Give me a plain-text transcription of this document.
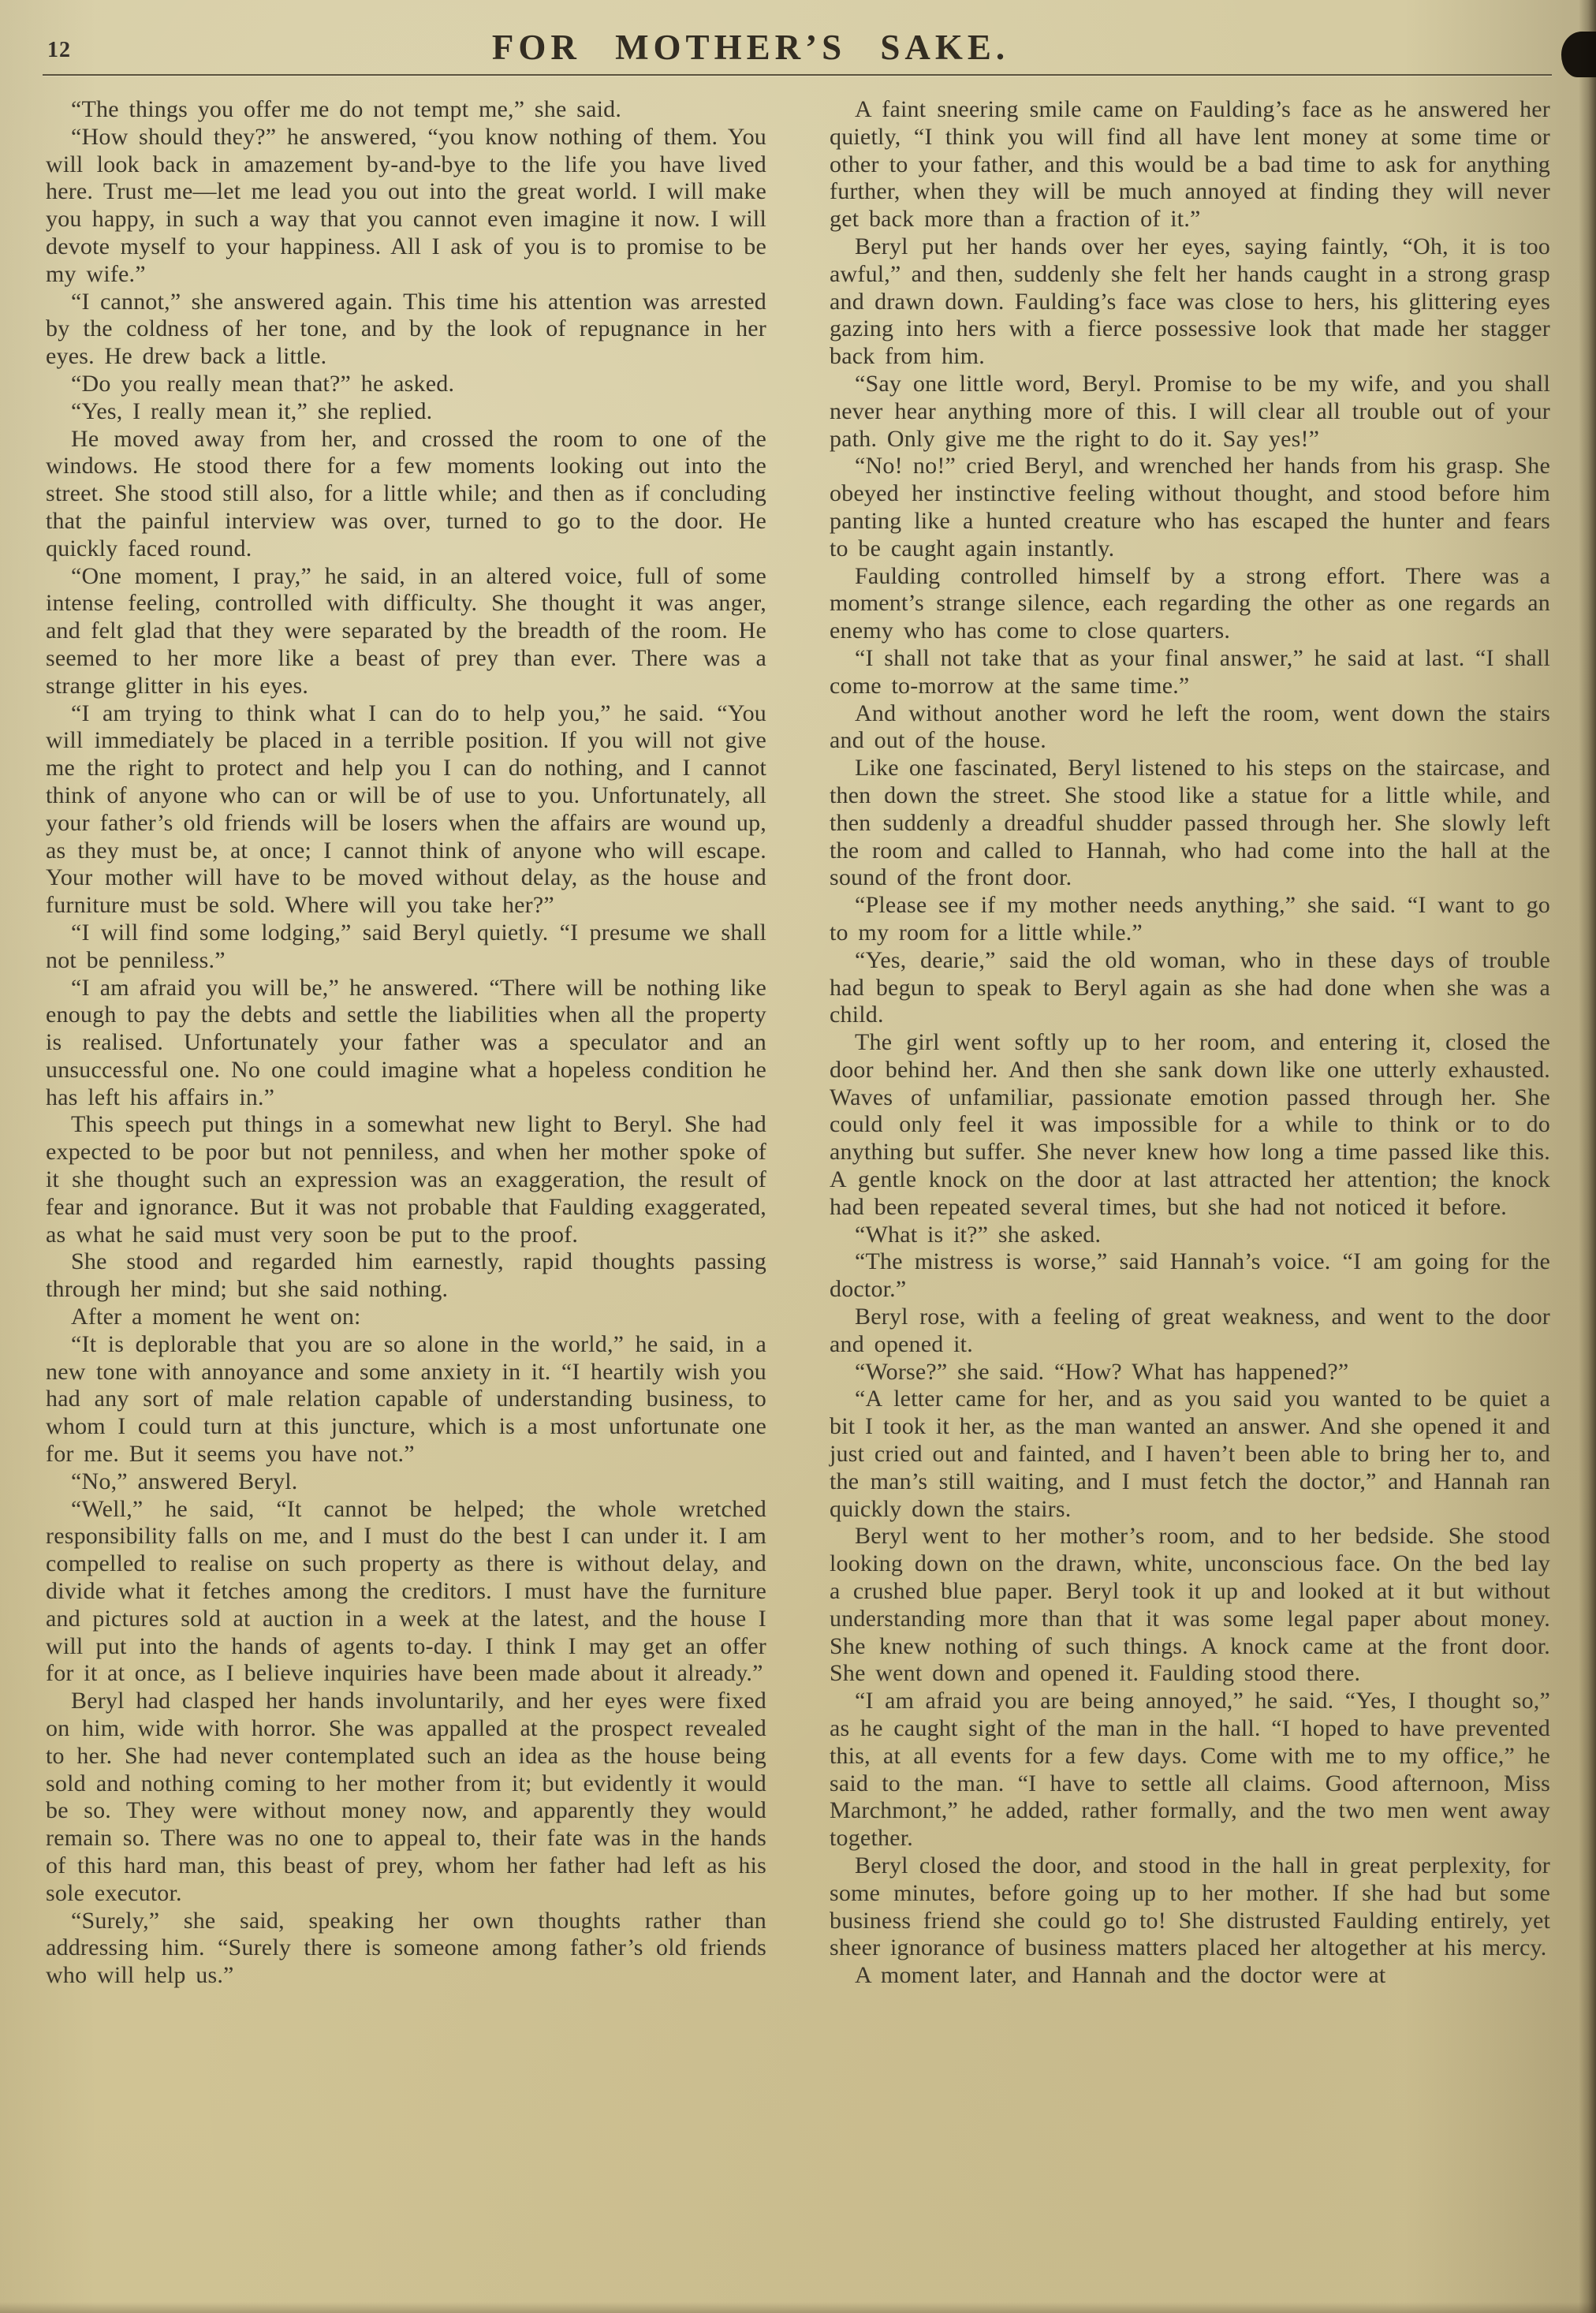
12	FOR MOTHER’S SAKE.

“The things you offer me do not tempt me,” she said.

“How should they?” he answered, “you know nothing of them. You will look back in amazement by-and-bye to the life you have lived here. Trust me—let me lead you out into the great world. I will make you happy, in such a way that you cannot even imagine it now. I will devote myself to your happiness. All I ask of you is to promise to be my wife.”

“I cannot,” she answered again. This time his attention was arrested by the coldness of her tone, and by the look of repugnance in her eyes. He drew back a little.

“Do you really mean that?” he asked.

“Yes, I really mean it,” she replied.

He moved away from her, and crossed the room to one of the windows. He stood there for a few moments looking out into the street. She stood still also, for a little while; and then as if concluding that the painful interview was over, turned to go to the door. He quickly faced round.

“One moment, I pray,” he said, in an altered voice, full of some intense feeling, controlled with difficulty. She thought it was anger, and felt glad that they were separated by the breadth of the room. He seemed to her more like a beast of prey than ever. There was a strange glitter in his eyes.

“I am trying to think what I can do to help you,” he said. “You will immediately be placed in a terrible position. If you will not give me the right to protect and help you I can do nothing, and I cannot think of anyone who can or will be of use to you. Unfortunately, all your father’s old friends will be losers when the affairs are wound up, as they must be, at once; I cannot think of anyone who will escape. Your mother will have to be moved without delay, as the house and furniture must be sold. Where will you take her?”

“I will find some lodging,” said Beryl quietly. “I presume we shall not be penniless.”

“I am afraid you will be,” he answered. “There will be nothing like enough to pay the debts and settle the liabilities when all the property is realised. Unfortunately your father was a speculator and an unsuccessful one. No one could imagine what a hopeless condition he has left his affairs in.”

This speech put things in a somewhat new light to Beryl. She had expected to be poor but not penniless, and when her mother spoke of it she thought such an expression was an exaggeration, the result of fear and ignorance. But it was not probable that Faulding exaggerated, as what he said must very soon be put to the proof.

She stood and regarded him earnestly, rapid thoughts passing through her mind; but she said nothing.

After a moment he went on:

“It is deplorable that you are so alone in the world,” he said, in a new tone with annoyance and some anxiety in it. “I heartily wish you had any sort of male relation capable of understanding business, to whom I could turn at this juncture, which is a most unfortunate one for me. But it seems you have not.”

“No,” answered Beryl.

“Well,” he said, “It cannot be helped; the whole wretched responsibility falls on me, and I must do the best I can under it. I am compelled to realise on such property as there is without delay, and divide what it fetches among the creditors. I must have the furniture and pictures sold at auction in a week at the latest, and the house I will put into the hands of agents to-day. I think I may get an offer for it at once, as I believe inquiries have been made about it already.”

Beryl had clasped her hands involuntarily, and her eyes were fixed on him, wide with horror. She was appalled at the prospect revealed to her. She had never contemplated such an idea as the house being sold and nothing coming to her mother from it; but evidently it would be so. They were without money now, and apparently they would remain so. There was no one to appeal to, their fate was in the hands of this hard man, this beast of prey, whom her father had left as his sole executor.

“Surely,” she said, speaking her own thoughts rather than addressing him. “Surely there is someone among father’s old friends who will help us.”

A faint sneering smile came on Faulding’s face as he answered her quietly, “I think you will find all have lent money at some time or other to your father, and this would be a bad time to ask for anything further, when they will be much annoyed at finding they will never get back more than a fraction of it.”

Beryl put her hands over her eyes, saying faintly, “Oh, it is too awful,” and then, suddenly she felt her hands caught in a strong grasp and drawn down. Faulding’s face was close to hers, his glittering eyes gazing into hers with a fierce possessive look that made her stagger back from him.

“Say one little word, Beryl. Promise to be my wife, and you shall never hear anything more of this. I will clear all trouble out of your path. Only give me the right to do it. Say yes!”

“No! no!” cried Beryl, and wrenched her hands from his grasp. She obeyed her instinctive feeling without thought, and stood before him panting like a hunted creature who has escaped the hunter and fears to be caught again instantly.

Faulding controlled himself by a strong effort. There was a moment’s strange silence, each regarding the other as one regards an enemy who has come to close quarters.

“I shall not take that as your final answer,” he said at last. “I shall come to-morrow at the same time.”

And without another word he left the room, went down the stairs and out of the house.

Like one fascinated, Beryl listened to his steps on the staircase, and then down the street. She stood like a statue for a little while, and then suddenly a dreadful shudder passed through her. She slowly left the room and called to Hannah, who had come into the hall at the sound of the front door.

“Please see if my mother needs anything,” she said. “I want to go to my room for a little while.”

“Yes, dearie,” said the old woman, who in these days of trouble had begun to speak to Beryl again as she had done when she was a child.

The girl went softly up to her room, and entering it, closed the door behind her. And then she sank down like one utterly exhausted. Waves of unfamiliar, passionate emotion passed through her. She could only feel it was impossible for a while to think or to do anything but suffer. She never knew how long a time passed like this. A gentle knock on the door at last attracted her attention; the knock had been repeated several times, but she had not noticed it before.

“What is it?” she asked.

“The mistress is worse,” said Hannah’s voice. “I am going for the doctor.”

Beryl rose, with a feeling of great weakness, and went to the door and opened it.

“Worse?” she said. “How? What has happened?”

“A letter came for her, and as you said you wanted to be quiet a bit I took it her, as the man wanted an answer. And she opened it and just cried out and fainted, and I haven’t been able to bring her to, and the man’s still waiting, and I must fetch the doctor,” and Hannah ran quickly down the stairs.

Beryl went to her mother’s room, and to her bedside. She stood looking down on the drawn, white, unconscious face. On the bed lay a crushed blue paper. Beryl took it up and looked at it but without understanding more than that it was some legal paper about money. She knew nothing of such things. A knock came at the front door. She went down and opened it. Faulding stood there.

“I am afraid you are being annoyed,” he said. “Yes, I thought so,” as he caught sight of the man in the hall. “I hoped to have prevented this, at all events for a few days. Come with me to my office,” he said to the man. “I have to settle all claims. Good afternoon, Miss Marchmont,” he added, rather formally, and the two men went away together.

Beryl closed the door, and stood in the hall in great perplexity, for some minutes, before going up to her mother. If she had but some business friend she could go to! She distrusted Faulding entirely, yet sheer ignorance of business matters placed her altogether at his mercy.

A moment later, and Hannah and the doctor were at
